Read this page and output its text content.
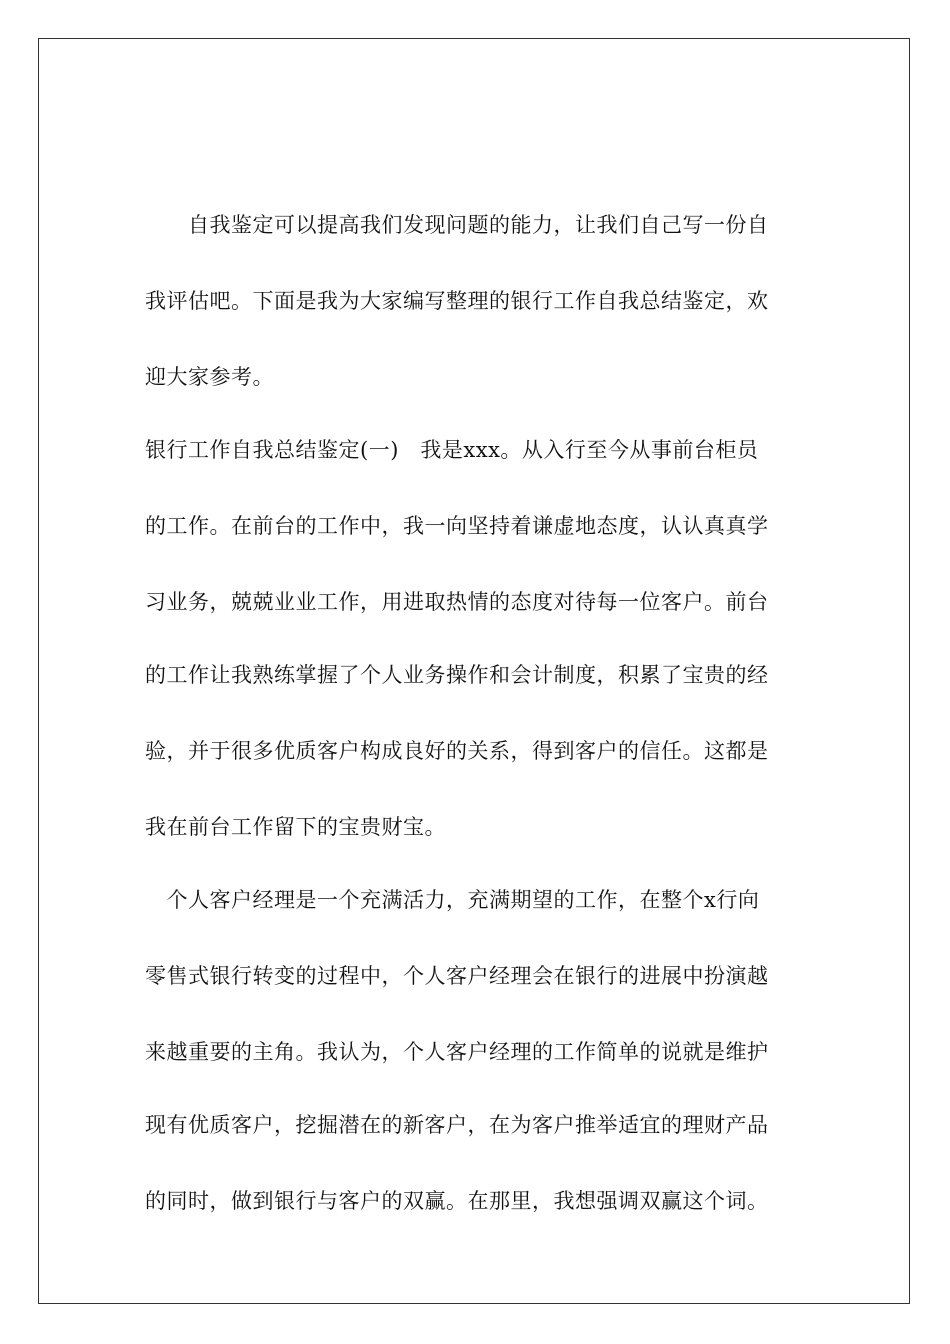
　　自我鉴定可以提高我们发现问题的能力，让我们自己写一份自
我评估吧。下面是我为大家编写整理的银行工作自我总结鉴定，欢
迎大家参考。
银行工作自我总结鉴定(一)　我是xxx。从入行至今从事前台柜员
的工作。在前台的工作中，我一向坚持着谦虚地态度，认认真真学
习业务，兢兢业业工作，用进取热情的态度对待每一位客户。前台
的工作让我熟练掌握了个人业务操作和会计制度，积累了宝贵的经
验，并于很多优质客户构成良好的关系，得到客户的信任。这都是
我在前台工作留下的宝贵财宝。
　个人客户经理是一个充满活力，充满期望的工作，在整个x行向
零售式银行转变的过程中，个人客户经理会在银行的进展中扮演越
来越重要的主角。我认为，个人客户经理的工作简单的说就是维护
现有优质客户，挖掘潜在的新客户，在为客户推举适宜的理财产品
的同时，做到银行与客户的双赢。在那里，我想强调双赢这个词。
